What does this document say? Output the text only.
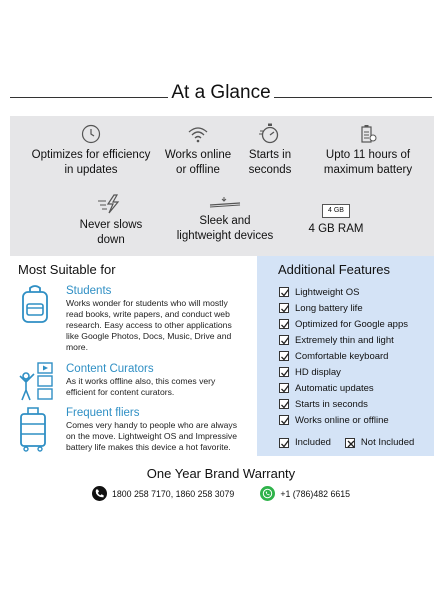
At a Glance
Optimizes for efficiency
in updates
Works online
or offline
Starts in
seconds
Upto 11 hours of
maximum battery
Never slows
down
Sleek and
lightweight devices
4 GB
4 GB RAM
Most Suitable for
Students
Works wonder for students who will mostly
read books, write papers, and conduct web
research. Easy access to other applications
like Google Photos, Docs, Music, Drive and
more.
Content Curators
As it works offline also, this comes very
efficient for content curators.
Frequent fliers
Comes very handy to people who are always
on the move. Lightweight OS and Impressive
battery life makes this device a hot favorite.
Additional Features
Lightweight OS
Long battery life
Optimized for Google apps
Extremely thin and light
Comfortable keyboard
HD display
Automatic updates
Starts in seconds
Works online or offline
Included ☒ Not Included
One Year Brand Warranty
1800 258 7170, 1860 258 3079	+1 (786)482 6615
